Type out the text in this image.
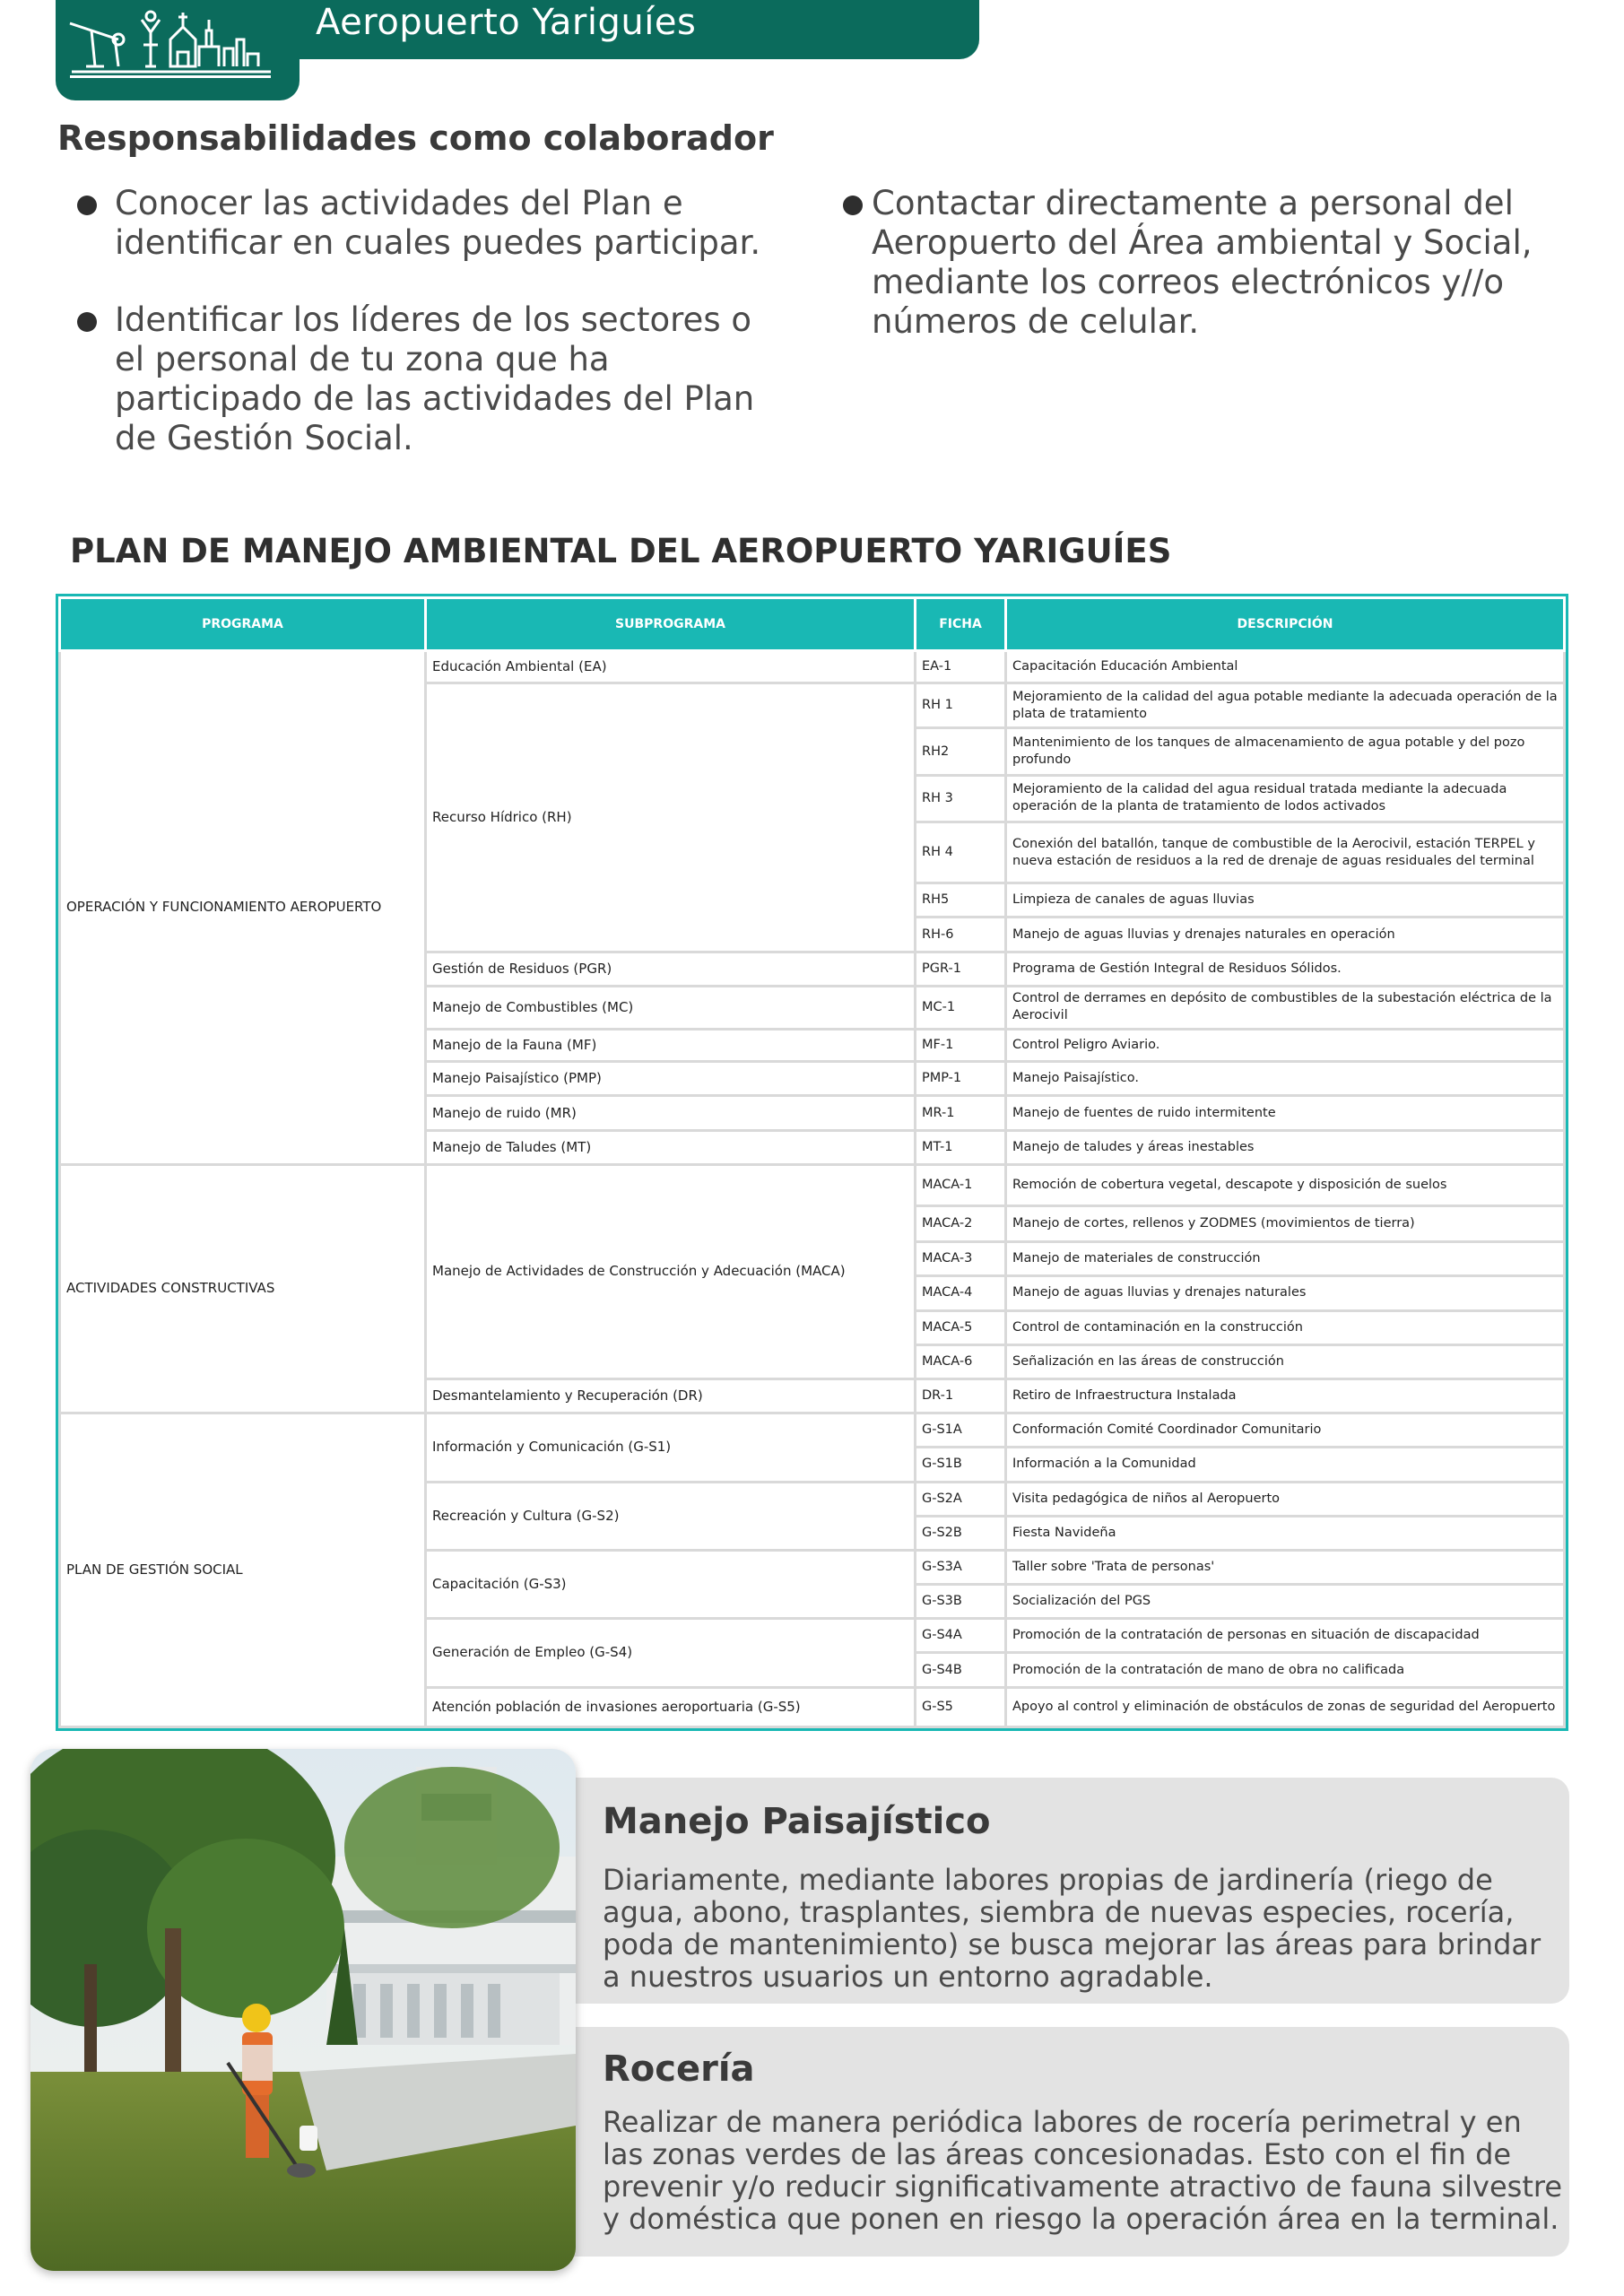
Aeropuerto Yariguíes
Responsabilidades como colaborador
Conocer las actividades del Plan e identificar en cuales puedes participar.
Identificar los líderes de los sectores o el personal de tu zona que ha participado de las actividades del Plan de Gestión Social.
Contactar directamente a personal del Aeropuerto del Área ambiental y Social, mediante los correos electrónicos y//o números de celular.
PLAN DE MANEJO AMBIENTAL DEL AEROPUERTO YARIGUÍES
PROGRAMA	SUBPROGRAMA	FICHA	DESCRIPCIÓN
OPERACIÓN Y FUNCIONAMIENTO AEROPUERTO	Educación Ambiental (EA)	EA-1	Capacitación Educación Ambiental
	Recurso Hídrico (RH)	RH 1	Mejoramiento de la calidad del agua potable mediante la adecuada operación de la plata de tratamiento
		RH2	Mantenimiento de los tanques de almacenamiento de agua potable y del pozo profundo
		RH 3	Mejoramiento de la calidad del agua residual tratada mediante la adecuada operación de la planta de tratamiento de lodos activados
		RH 4	Conexión del batallón, tanque de combustible de la Aerocivil, estación TERPEL y nueva estación de residuos a la red de drenaje de aguas residuales del terminal
		RH5	Limpieza de canales de aguas lluvias
		RH-6	Manejo de aguas lluvias y drenajes naturales en operación
	Gestión de Residuos (PGR)	PGR-1	Programa de Gestión Integral de Residuos Sólidos.
	Manejo de Combustibles (MC)	MC-1	Control de derrames en depósito de combustibles de la subestación eléctrica de la Aerocivil
	Manejo de la Fauna (MF)	MF-1	Control Peligro Aviario.
	Manejo Paisajístico (PMP)	PMP-1	Manejo Paisajístico.
	Manejo de ruido (MR)	MR-1	Manejo de fuentes de ruido intermitente
	Manejo de Taludes (MT)	MT-1	Manejo de taludes y áreas inestables
ACTIVIDADES CONSTRUCTIVAS	Manejo de Actividades de Construcción y Adecuación (MACA)	MACA-1	Remoción de cobertura vegetal, descapote y disposición de suelos
		MACA-2	Manejo de cortes, rellenos y ZODMES (movimientos de tierra)
		MACA-3	Manejo de materiales de construcción
		MACA-4	Manejo de aguas lluvias y drenajes naturales
		MACA-5	Control de contaminación en la construcción
		MACA-6	Señalización en las áreas de construcción
	Desmantelamiento y Recuperación (DR)	DR-1	Retiro de Infraestructura Instalada
PLAN DE GESTIÓN SOCIAL	Información y Comunicación (G-S1)	G-S1A	Conformación Comité Coordinador Comunitario
		G-S1B	Información a la Comunidad
	Recreación y Cultura (G-S2)	G-S2A	Visita pedagógica de niños al Aeropuerto
		G-S2B	Fiesta Navideña
	Capacitación (G-S3)	G-S3A	Taller sobre 'Trata de personas'
		G-S3B	Socialización del PGS
	Generación de Empleo (G-S4)	G-S4A	Promoción de la contratación de personas en situación de discapacidad
		G-S4B	Promoción de la contratación de mano de obra no calificada
	Atención población de invasiones aeroportuaria (G-S5)	G-S5	Apoyo al control y eliminación de obstáculos de zonas de seguridad del Aeropuerto
Manejo Paisajístico
Diariamente, mediante labores propias de jardinería (riego de agua, abono, trasplantes, siembra de nuevas especies, rocería, poda de mantenimiento) se busca mejorar las áreas para brindar a nuestros usuarios un entorno agradable.
Rocería
Realizar de manera periódica labores de rocería perimetral y en las zonas verdes de las áreas concesionadas. Esto con el fin de prevenir y/o reducir significativamente atractivo de fauna silvestre y doméstica que ponen en riesgo la operación área en la terminal.
